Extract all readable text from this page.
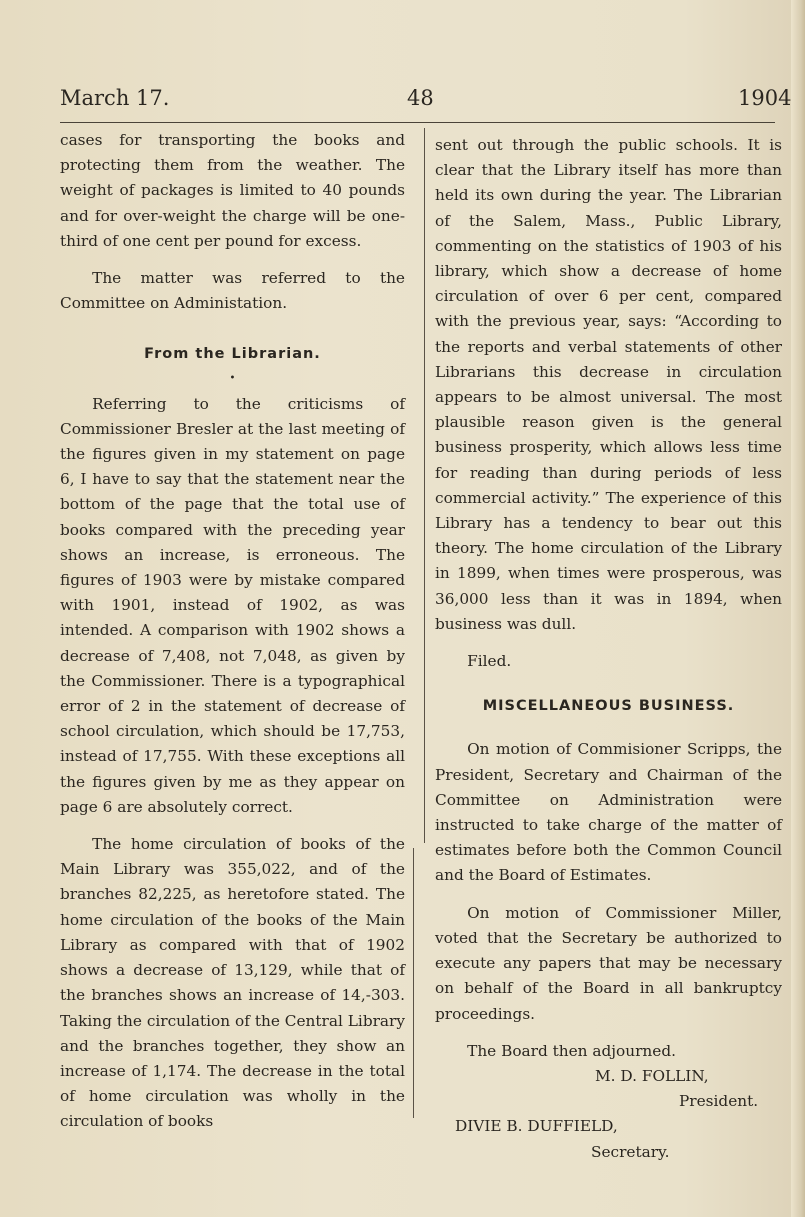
March 17.	48	1904

cases for transporting the books and protecting them from the weather. The weight of packages is limited to 40 pounds and for over-weight the charge will be one-third of one cent per pound for excess.

The matter was referred to the Committee on Administation.

From the Librarian.
•

Referring to the criticisms of Commissioner Bresler at the last meeting of the figures given in my statement on page 6, I have to say that the statement near the bottom of the page that the total use of books compared with the preceding year shows an increase, is erroneous. The figures of 1903 were by mistake compared with 1901, instead of 1902, as was intended. A comparison with 1902 shows a decrease of 7,408, not 7,048, as given by the Commissioner. There is a typographical error of 2 in the statement of decrease of school circulation, which should be 17,753, instead of 17,755. With these exceptions all the figures given by me as they appear on page 6 are absolutely correct.

The home circulation of books of the Main Library was 355,022, and of the branches 82,225, as heretofore stated. The home circulation of the books of the Main Library as compared with that of 1902 shows a decrease of 13,129, while that of the branches shows an increase of 14,-303. Taking the circulation of the Central Library and the branches together, they show an increase of 1,174. The decrease in the total of home circulation was wholly in the circulation of books

sent out through the public schools. It is clear that the Library itself has more than held its own during the year. The Librarian of the Salem, Mass., Public Library, commenting on the statistics of 1903 of his library, which show a decrease of home circulation of over 6 per cent, compared with the previous year, says: “According to the reports and verbal statements of other Librarians this decrease in circulation appears to be almost universal. The most plausible reason given is the general business prosperity, which allows less time for reading than during periods of less commercial activity.” The experience of this Library has a tendency to bear out this theory. The home circulation of the Library in 1899, when times were prosperous, was 36,000 less than it was in 1894, when business was dull.

Filed.

MISCELLANEOUS BUSINESS.

On motion of Commisioner Scripps, the President, Secretary and Chairman of the Committee on Administration were instructed to take charge of the matter of estimates before both the Common Council and the Board of Estimates.

On motion of Commissioner Miller, voted that the Secretary be authorized to execute any papers that may be necessary on behalf of the Board in all bankruptcy proceedings.

The Board then adjourned.

M. D. FOLLIN,

President.

DIVIE B. DUFFIELD,

Secretary.
